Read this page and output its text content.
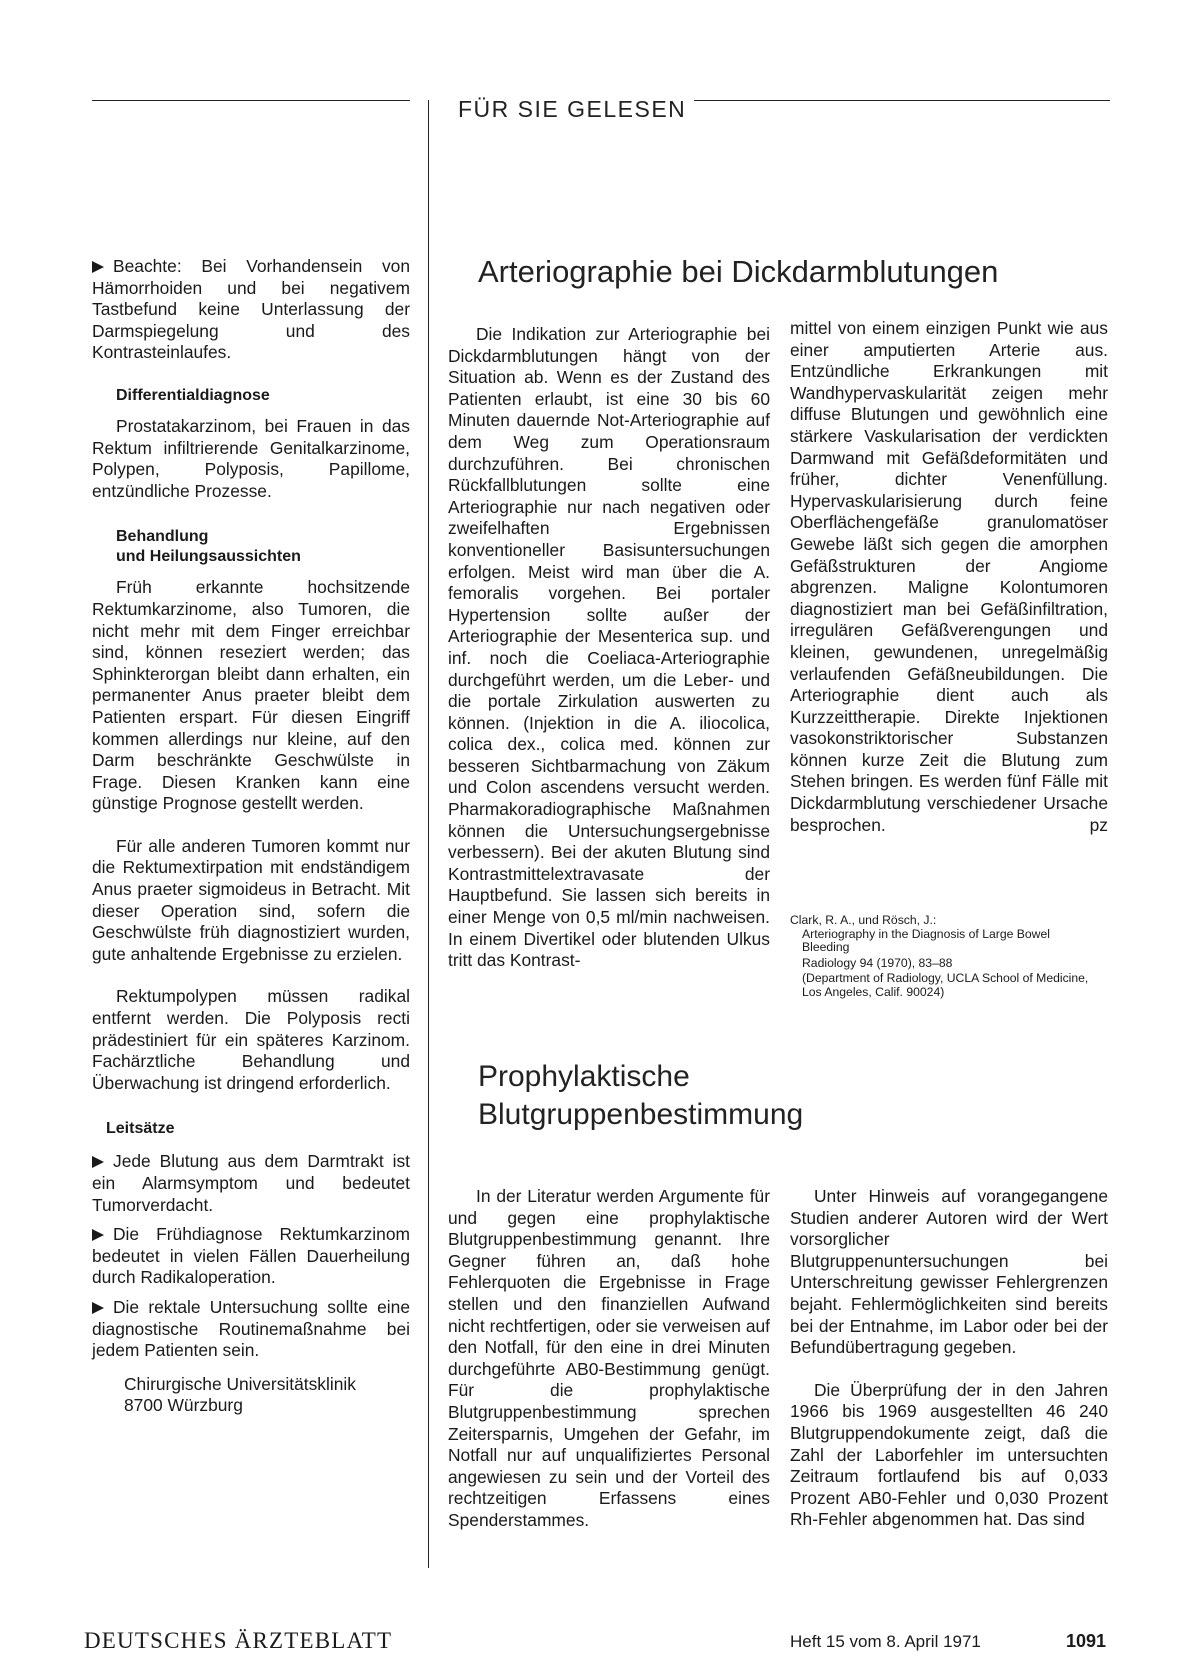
FÜR SIE GELESEN

Beachte: Bei Vorhandensein von Hämorrhoiden und bei negativem Tastbefund keine Unterlassung der Darmspiegelung und des Kontrasteinlaufes.

Differentialdiagnose

Prostatakarzinom, bei Frauen in das Rektum infiltrierende Genitalkarzinome, Polypen, Polyposis, Papillome, entzündliche Prozesse.

Behandlung

und Heilungsaussichten

Früh erkannte hochsitzende Rektumkarzinome, also Tumoren, die nicht mehr mit dem Finger erreichbar sind, können reseziert werden; das Sphinkterorgan bleibt dann erhalten, ein permanenter Anus praeter bleibt dem Patienten erspart. Für diesen Eingriff kommen allerdings nur kleine, auf den Darm beschränkte Geschwülste in Frage. Diesen Kranken kann eine günstige Prognose gestellt werden.

Für alle anderen Tumoren kommt nur die Rektumextirpation mit endständigem Anus praeter sigmoideus in Betracht. Mit dieser Operation sind, sofern die Geschwülste früh diagnostiziert wurden, gute anhaltende Ergebnisse zu erzielen.

Rektumpolypen müssen radikal entfernt werden. Die Polyposis recti prädestiniert für ein späteres Karzinom. Fachärztliche Behandlung und Überwachung ist dringend erforderlich.

Leitsätze

Jede Blutung aus dem Darmtrakt ist ein Alarmsymptom und bedeutet Tumorverdacht.

Die Frühdiagnose Rektumkarzinom bedeutet in vielen Fällen Dauerheilung durch Radikaloperation.

Die rektale Untersuchung sollte eine diagnostische Routinemaßnahme bei jedem Patienten sein.

Chirurgische Universitätsklinik

8700 Würzburg

Arteriographie bei Dickdarmblutungen

Die Indikation zur Arteriographie bei Dickdarmblutungen hängt von der Situation ab. Wenn es der Zustand des Patienten erlaubt, ist eine 30 bis 60 Minuten dauernde Not-Arteriographie auf dem Weg zum Operationsraum durchzuführen. Bei chronischen Rückfallblutungen sollte eine Arteriographie nur nach negativen oder zweifelhaften Ergebnissen konventioneller Basisuntersuchungen erfolgen. Meist wird man über die A. femoralis vorgehen. Bei portaler Hypertension sollte außer der Arteriographie der Mesenterica sup. und inf. noch die Coeliaca-Arteriographie durchgeführt werden, um die Leber- und die portale Zirkulation auswerten zu können. (Injektion in die A. iliocolica, colica dex., colica med. können zur besseren Sichtbarmachung von Zäkum und Colon ascendens versucht werden. Pharmakoradiographische Maßnahmen können die Untersuchungsergebnisse verbessern). Bei der akuten Blutung sind Kontrastmittelextravasate der Hauptbefund. Sie lassen sich bereits in einer Menge von 0,5 ml/min nachweisen. In einem Divertikel oder blutenden Ulkus tritt das Kontrast-

mittel von einem einzigen Punkt wie aus einer amputierten Arterie aus. Entzündliche Erkrankungen mit Wandhypervaskularität zeigen mehr diffuse Blutungen und gewöhnlich eine stärkere Vaskularisation der verdickten Darmwand mit Gefäßdeformitäten und früher, dichter Venenfüllung. Hypervaskularisierung durch feine Oberflächengefäße granulomatöser Gewebe läßt sich gegen die amorphen Gefäßstrukturen der Angiome abgrenzen. Maligne Kolontumoren diagnostiziert man bei Gefäßinfiltration, irregulären Gefäßverengungen und kleinen, gewundenen, unregelmäßig verlaufenden Gefäßneubildungen. Die Arteriographie dient auch als Kurzzeittherapie. Direkte Injektionen vasokonstriktorischer Substanzen können kurze Zeit die Blutung zum Stehen bringen. Es werden fünf Fälle mit Dickdarmblutung verschiedener Ursache besprochen.	pz

Clark, R. A., und Rösch, J.:

Arteriography in the Diagnosis of Large Bowel Bleeding

Radiology 94 (1970), 83–88

(Department of Radiology, UCLA School of Medicine, Los Angeles, Calif. 90024)

Prophylaktische

Blutgruppenbestimmung

In der Literatur werden Argumente für und gegen eine prophylaktische Blutgruppenbestimmung genannt. Ihre Gegner führen an, daß hohe Fehlerquoten die Ergebnisse in Frage stellen und den finanziellen Aufwand nicht rechtfertigen, oder sie verweisen auf den Notfall, für den eine in drei Minuten durchgeführte AB0-Bestimmung genügt. Für die prophylaktische Blutgruppenbestimmung sprechen Zeitersparnis, Umgehen der Gefahr, im Notfall nur auf unqualifiziertes Personal angewiesen zu sein und der Vorteil des rechtzeitigen Erfassens eines Spenderstammes.

Unter Hinweis auf vorangegangene Studien anderer Autoren wird der Wert vorsorglicher Blutgruppenuntersuchungen bei Unterschreitung gewisser Fehlergrenzen bejaht. Fehlermöglichkeiten sind bereits bei der Entnahme, im Labor oder bei der Befundübertragung gegeben.

Die Überprüfung der in den Jahren 1966 bis 1969 ausgestellten 46 240 Blutgruppendokumente zeigt, daß die Zahl der Laborfehler im untersuchten Zeitraum fortlaufend bis auf 0,033 Prozent AB0-Fehler und 0,030 Prozent Rh-Fehler abgenommen hat. Das sind

DEUTSCHES ÄRZTEBLATT	Heft 15 vom 8. April 1971	1091
